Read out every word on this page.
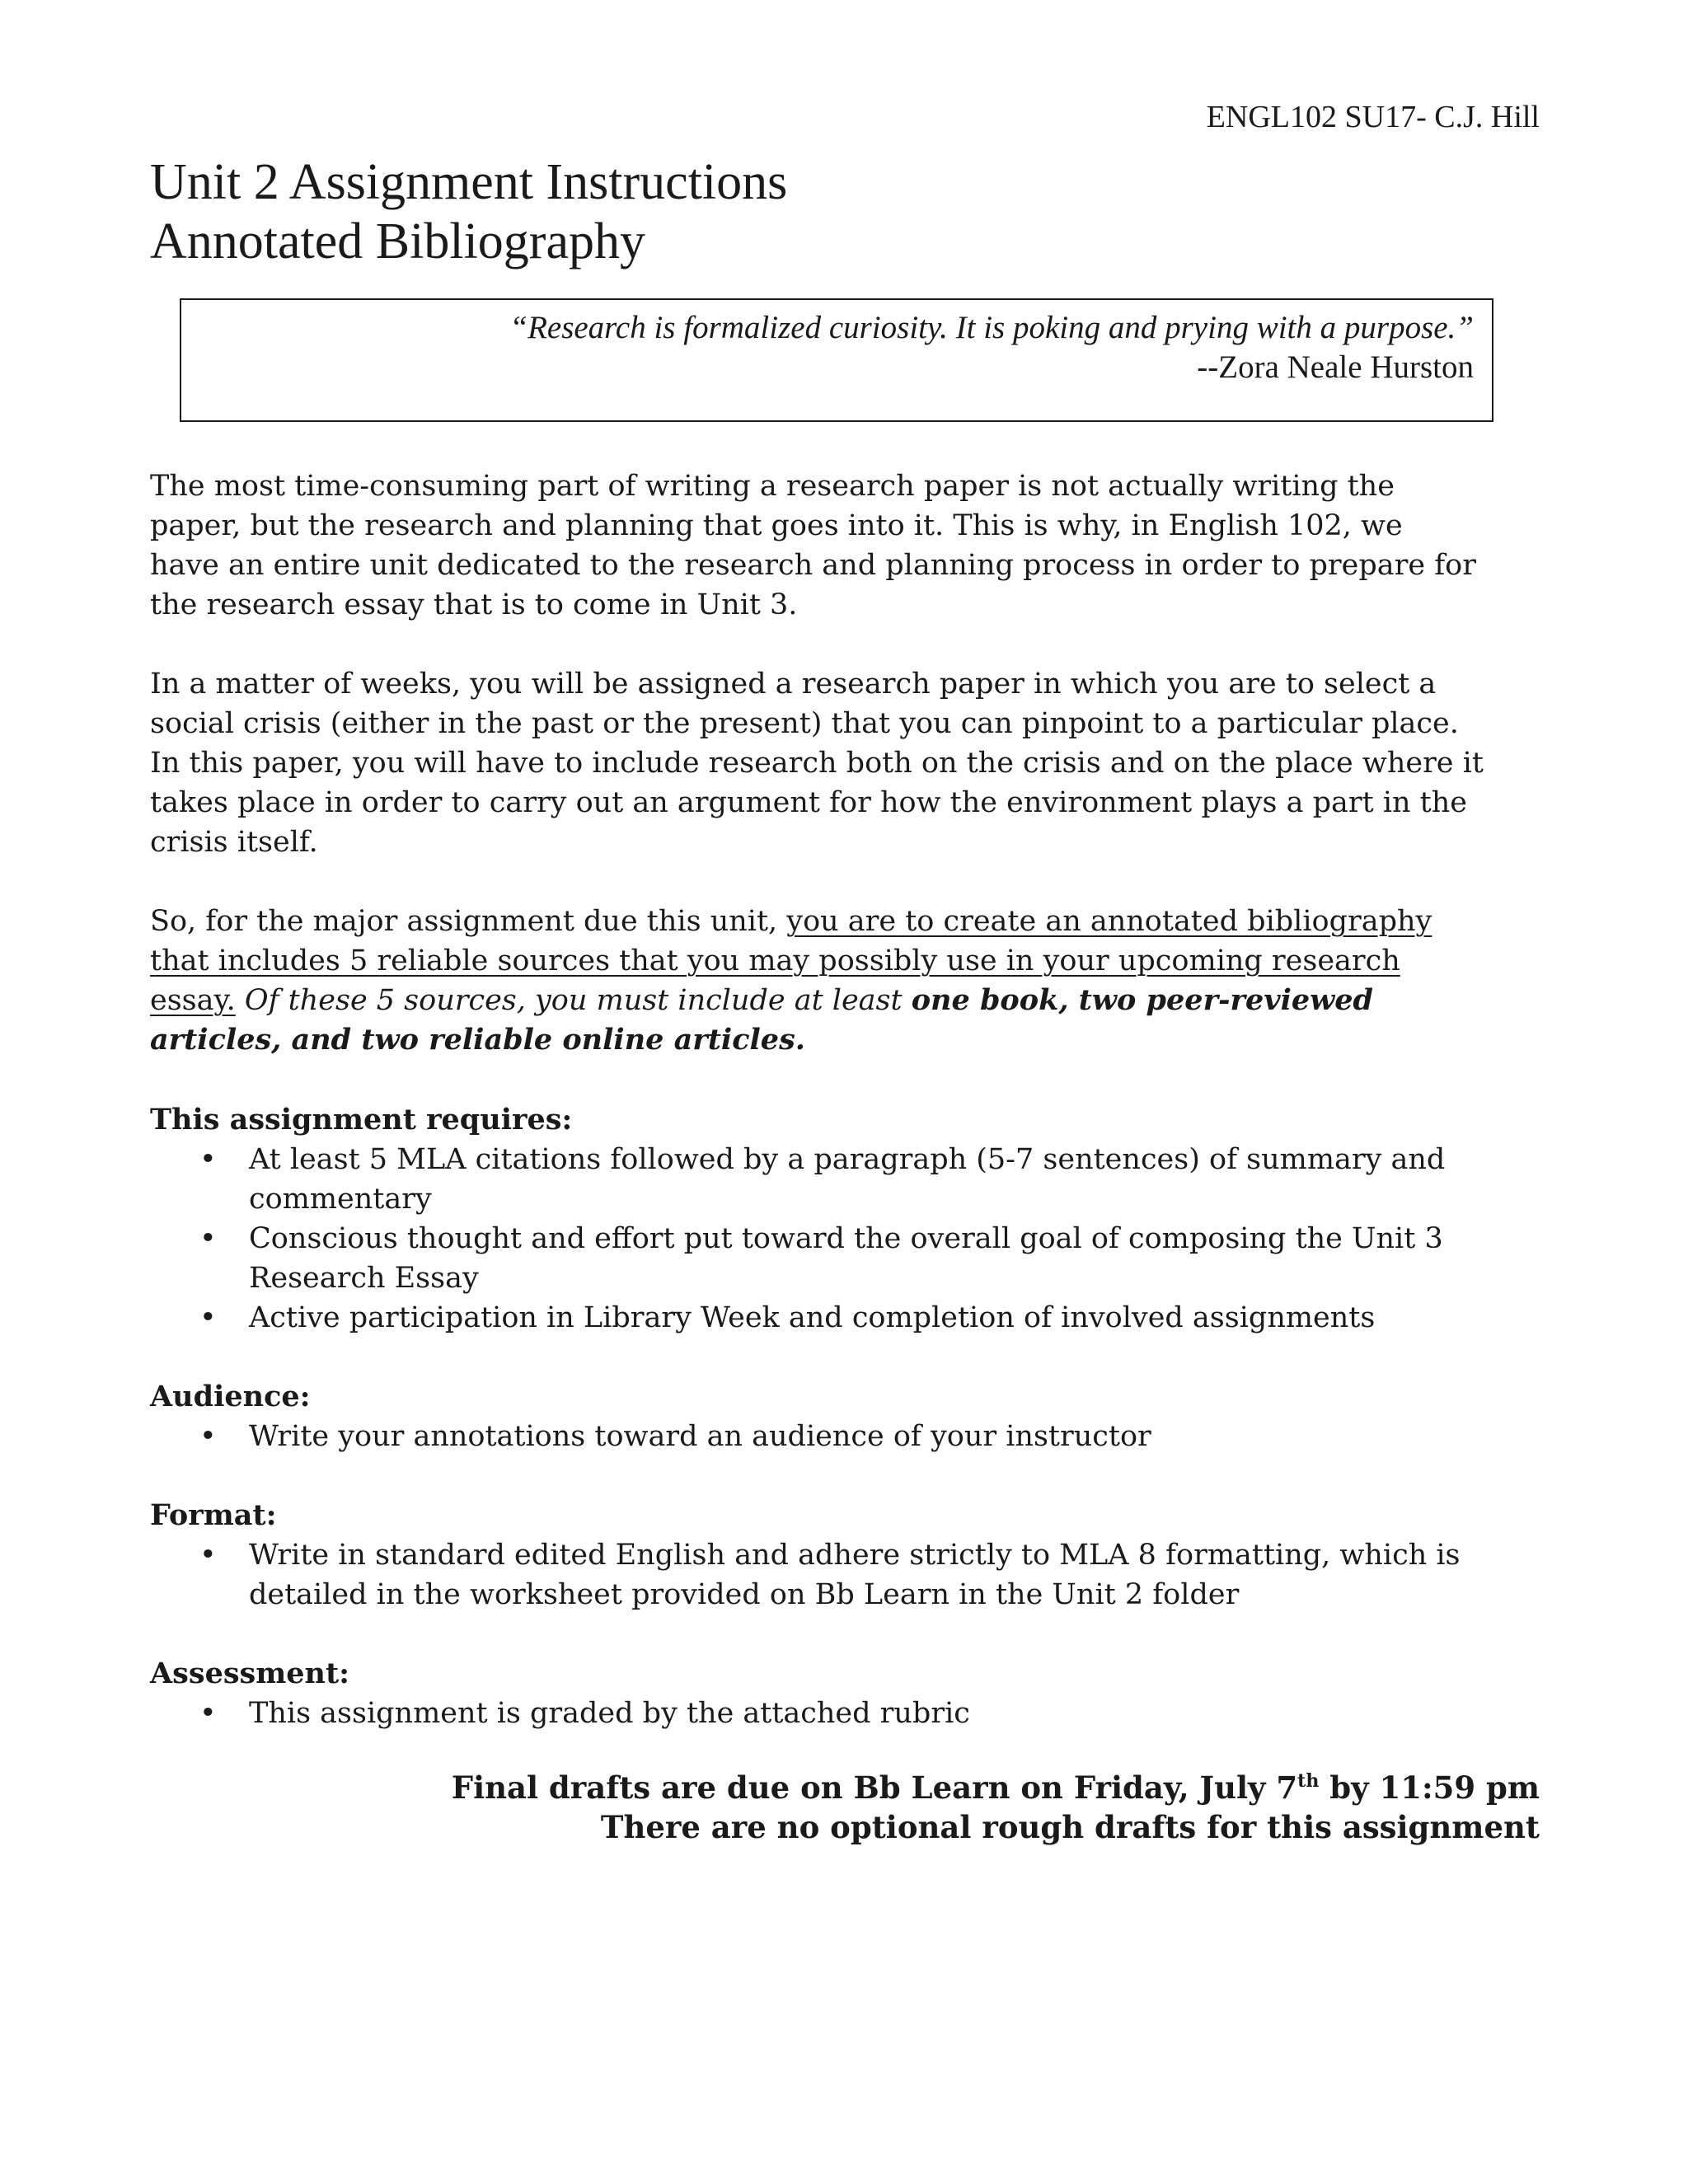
ENGL102 SU17- C.J. Hill
Unit 2 Assignment Instructions
Annotated Bibliography
“Research is formalized curiosity. It is poking and prying with a purpose.”
--Zora Neale Hurston

The most time-consuming part of writing a research paper is not actually writing the

paper, but the research and planning that goes into it. This is why, in English 102, we

have an entire unit dedicated to the research and planning process in order to prepare for

the research essay that is to come in Unit 3.

In a matter of weeks, you will be assigned a research paper in which you are to select a

social crisis (either in the past or the present) that you can pinpoint to a particular place.

In this paper, you will have to include research both on the crisis and on the place where it

takes place in order to carry out an argument for how the environment plays a part in the

crisis itself.

So, for the major assignment due this unit, you are to create an annotated bibliography

that includes 5 reliable sources that you may possibly use in your upcoming research

essay. Of these 5 sources, you must include at least one book, two peer-reviewed

articles, and two reliable online articles.

This assignment requires:

• At least 5 MLA citations followed by a paragraph (5-7 sentences) of summary and
commentary
• Conscious thought and effort put toward the overall goal of composing the Unit 3
Research Essay
• Active participation in Library Week and completion of involved assignments

Audience:

• Write your annotations toward an audience of your instructor

Format:

• Write in standard edited English and adhere strictly to MLA 8 formatting, which is
detailed in the worksheet provided on Bb Learn in the Unit 2 folder

Assessment:

• This assignment is graded by the attached rubric
Final drafts are due on Bb Learn on Friday, July 7th by 11:59 pm
There are no optional rough drafts for this assignment
